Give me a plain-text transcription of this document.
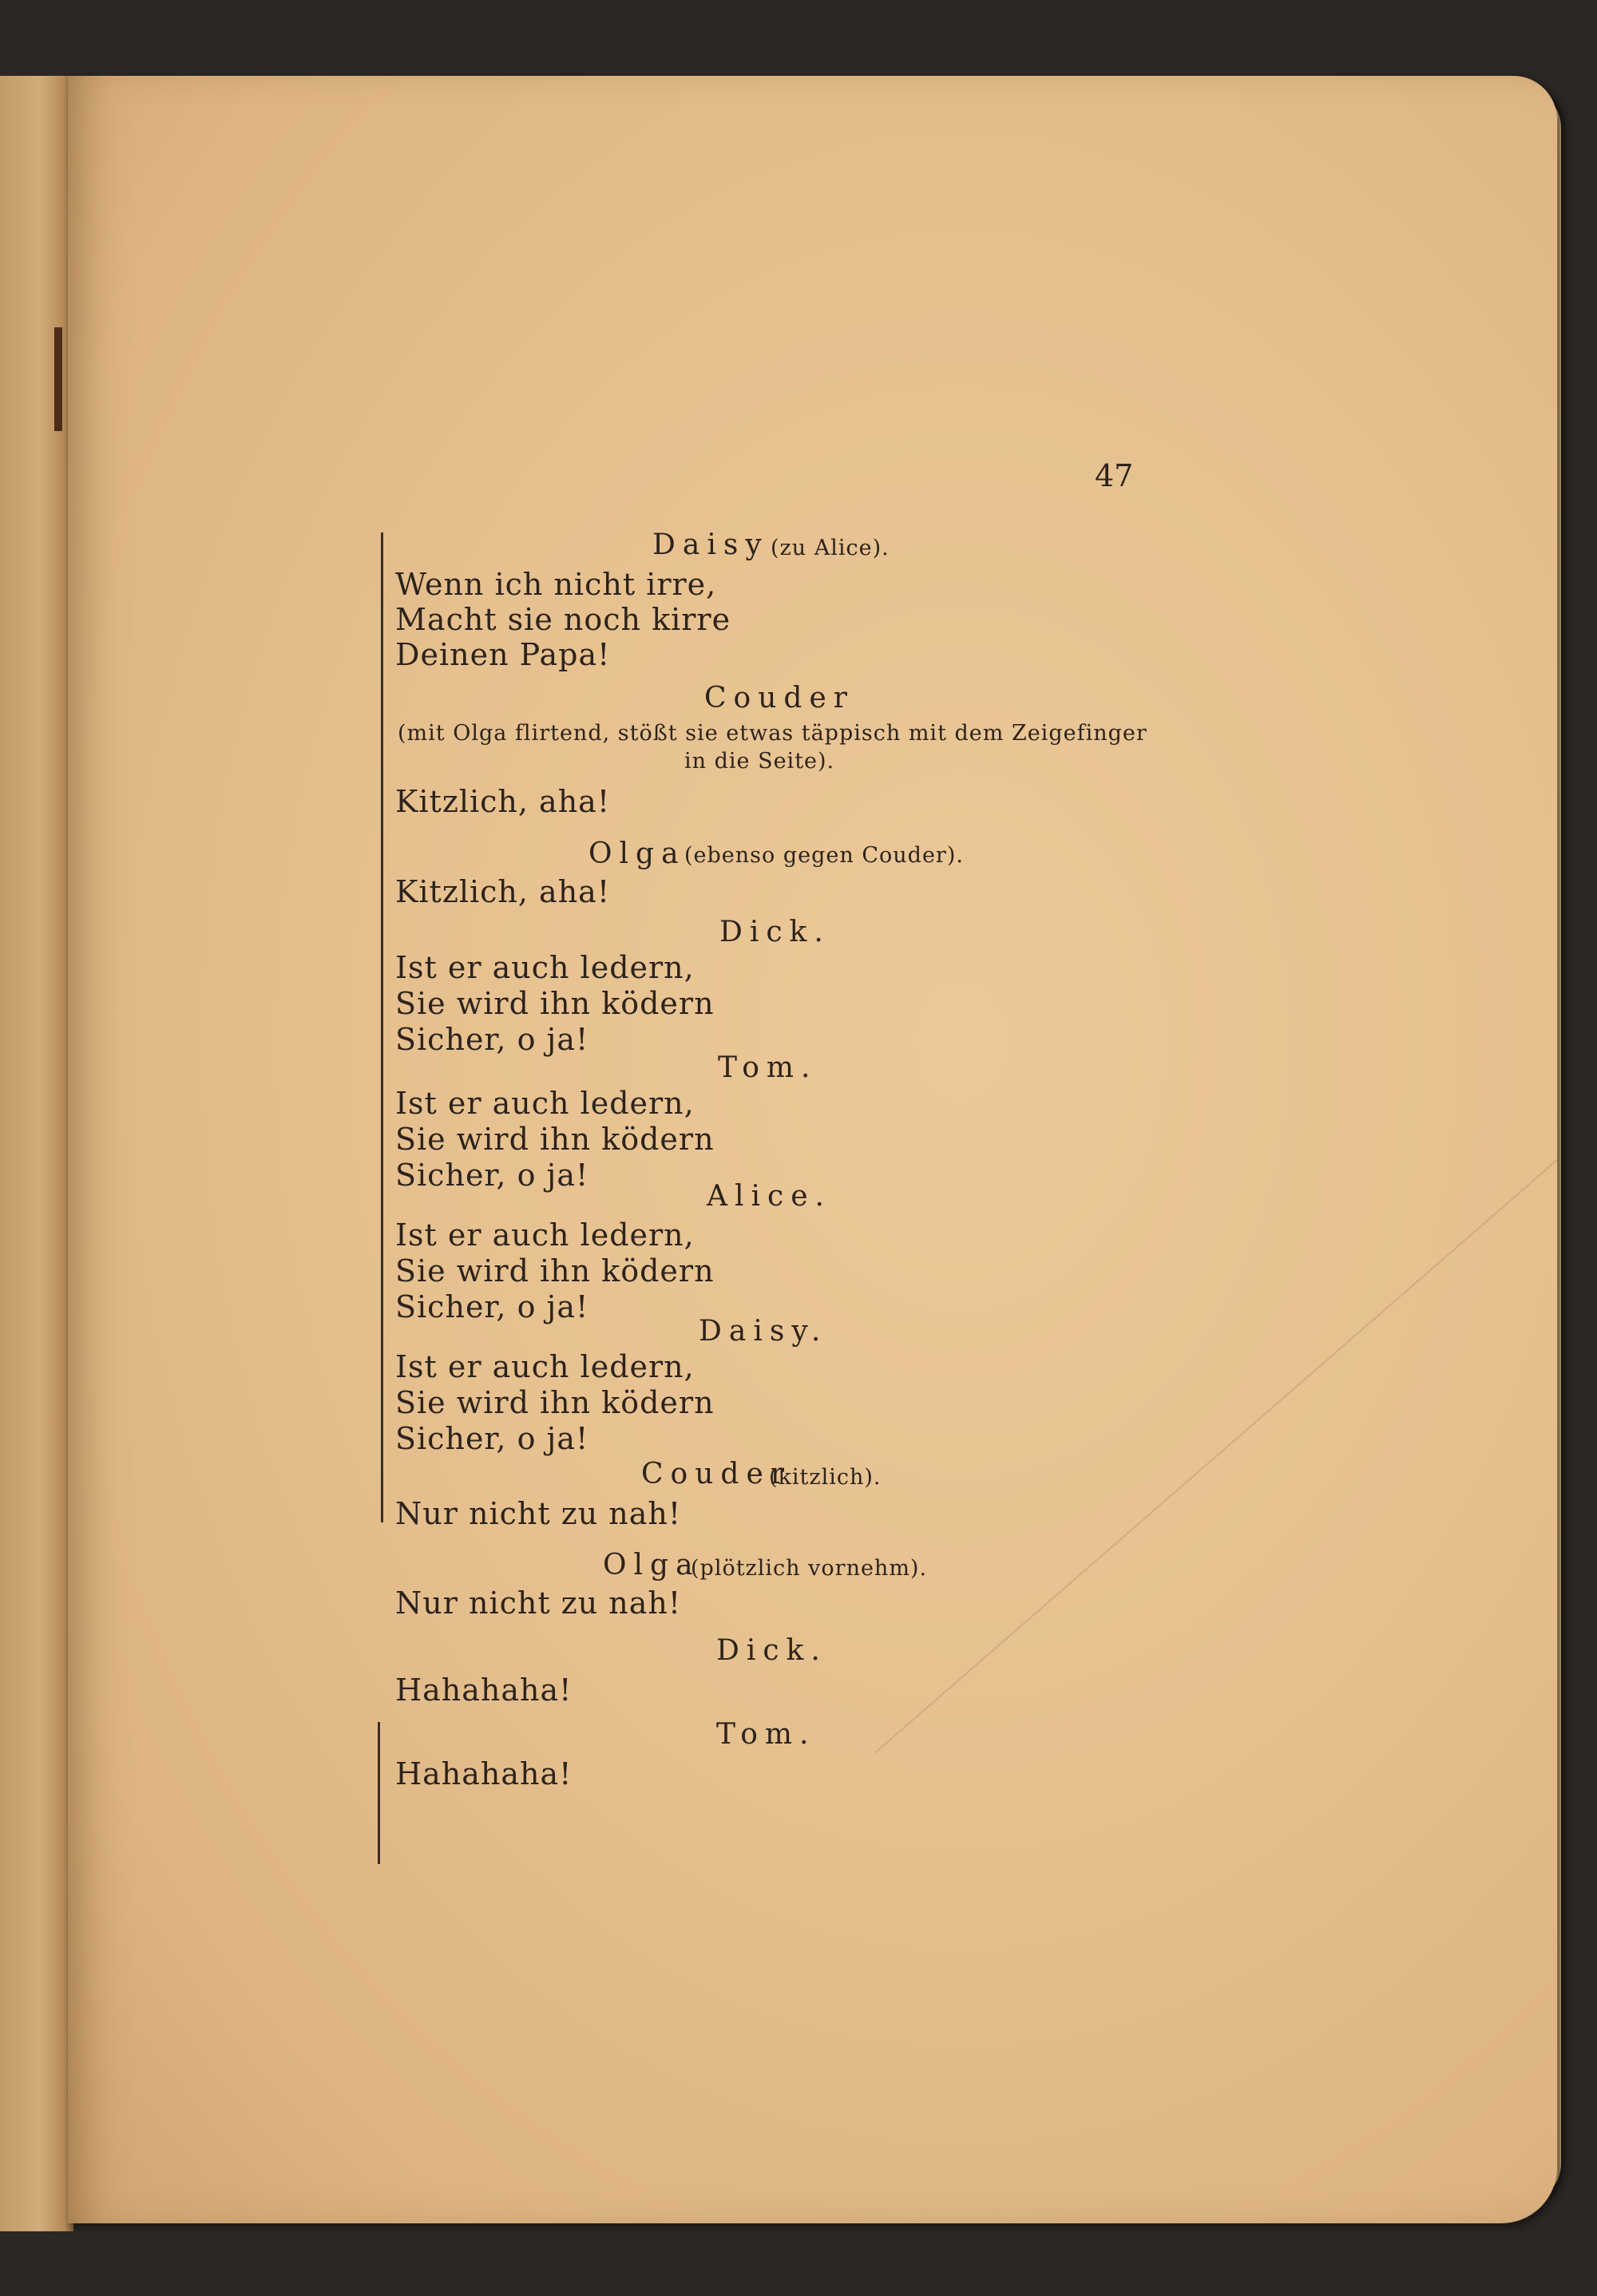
47
Daisy (zu Alice).
Wenn ich nicht irre,
Macht sie noch kirre
Deinen Papa!
Couder
(mit Olga flirtend, stößt sie etwas täppisch mit dem Zeigefinger
in die Seite).
Kitzlich, aha!
Olga
(ebenso gegen Couder).
Kitzlich, aha!
Dick.
Ist er auch ledern,
Sie wird ihn ködern
Sicher, o ja!
Tom.
Ist er auch ledern,
Sie wird ihn ködern
Sicher, o ja!
Alice.
Ist er auch ledern,
Sie wird ihn ködern
Sicher, o ja!
Daisy.
Ist er auch ledern,
Sie wird ihn ködern
Sicher, o ja!
Couder
(kitzlich).
Nur nicht zu nah!
Olga
(plötzlich vornehm).
Nur nicht zu nah!
Dick.
Hahahaha!
Tom.
Hahahaha!
